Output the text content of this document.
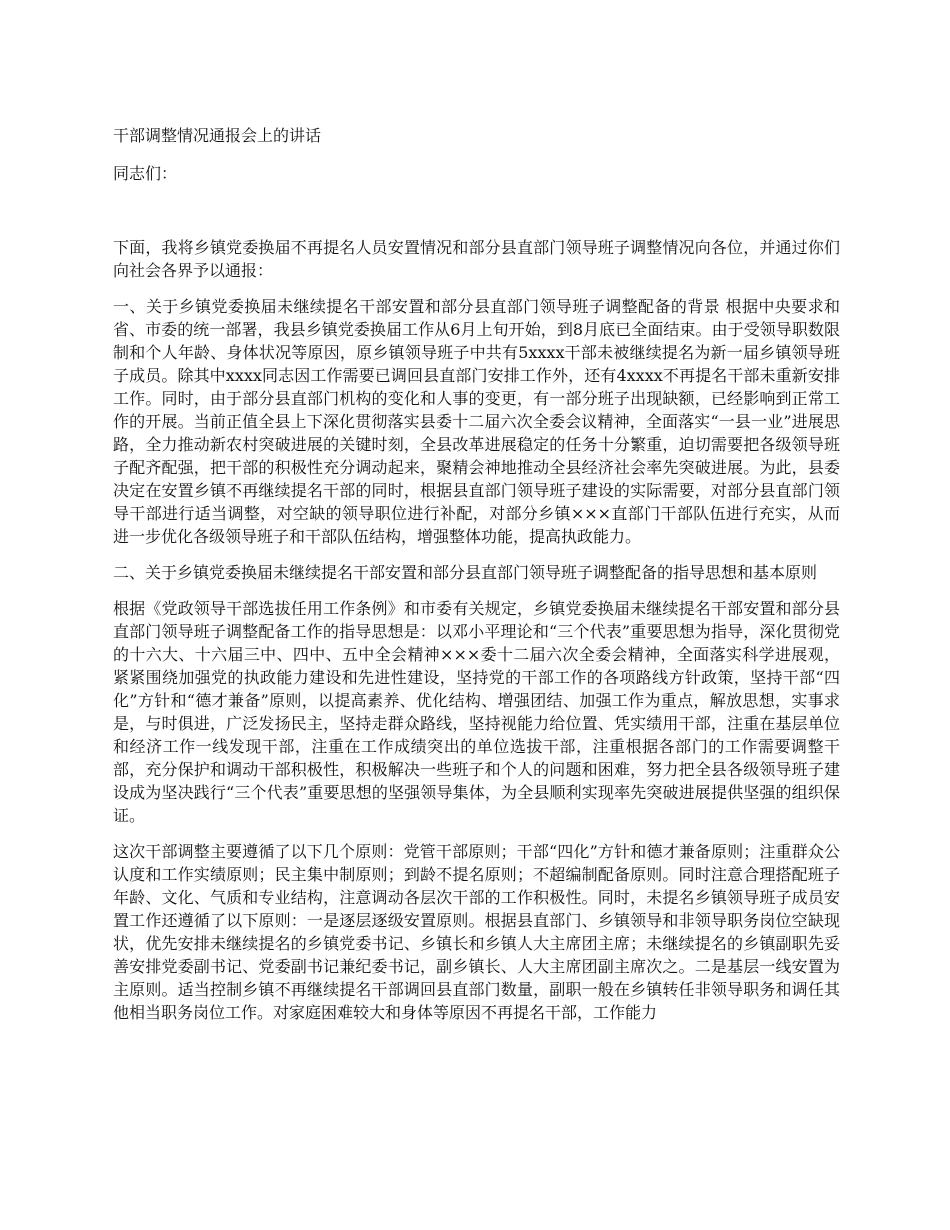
干部调整情况通报会上的讲话

同志们：

下面，我将乡镇党委换届不再提名人员安置情况和部分县直部门领导班子调整情况向各位，并通过你们向社会各界予以通报：

一、关于乡镇党委换届未继续提名干部安置和部分县直部门领导班子调整配备的背景 根据中央要求和省、市委的统一部署，我县乡镇党委换届工作从6月上旬开始，到8月底已全面结束。由于受领导职数限制和个人年龄、身体状况等原因，原乡镇领导班子中共有5xxxx干部未被继续提名为新一届乡镇领导班子成员。除其中xxxx同志因工作需要已调回县直部门安排工作外，还有4xxxx不再提名干部未重新安排工作。同时，由于部分县直部门机构的变化和人事的变更，有一部分班子出现缺额，已经影响到正常工作的开展。当前正值全县上下深化贯彻落实县委十二届六次全委会议精神，全面落实“一县一业”进展思路，全力推动新农村突破进展的关键时刻，全县改革进展稳定的任务十分繁重，迫切需要把各级领导班子配齐配强，把干部的积极性充分调动起来，聚精会神地推动全县经济社会率先突破进展。为此，县委决定在安置乡镇不再继续提名干部的同时，根据县直部门领导班子建设的实际需要，对部分县直部门领导干部进行适当调整，对空缺的领导职位进行补配，对部分乡镇×××直部门干部队伍进行充实，从而进一步优化各级领导班子和干部队伍结构，增强整体功能，提高执政能力。

二、关于乡镇党委换届未继续提名干部安置和部分县直部门领导班子调整配备的指导思想和基本原则

根据《党政领导干部选拔任用工作条例》和市委有关规定，乡镇党委换届未继续提名干部安置和部分县直部门领导班子调整配备工作的指导思想是：以邓小平理论和“三个代表”重要思想为指导，深化贯彻党的十六大、十六届三中、四中、五中全会精神×××委十二届六次全委会精神，全面落实科学进展观，紧紧围绕加强党的执政能力建设和先进性建设，坚持党的干部工作的各项路线方针政策，坚持干部“四化”方针和“德才兼备”原则，以提高素养、优化结构、增强团结、加强工作为重点，解放思想，实事求是，与时俱进，广泛发扬民主，坚持走群众路线，坚持视能力给位置、凭实绩用干部，注重在基层单位和经济工作一线发现干部，注重在工作成绩突出的单位选拔干部，注重根据各部门的工作需要调整干部，充分保护和调动干部积极性，积极解决一些班子和个人的问题和困难，努力把全县各级领导班子建设成为坚决践行“三个代表”重要思想的坚强领导集体，为全县顺利实现率先突破进展提供坚强的组织保证。

这次干部调整主要遵循了以下几个原则：党管干部原则；干部“四化”方针和德才兼备原则；注重群众公认度和工作实绩原则；民主集中制原则；到龄不提名原则；不超编制配备原则。同时注意合理搭配班子年龄、文化、气质和专业结构，注意调动各层次干部的工作积极性。同时，未提名乡镇领导班子成员安置工作还遵循了以下原则：一是逐层逐级安置原则。根据县直部门、乡镇领导和非领导职务岗位空缺现状，优先安排未继续提名的乡镇党委书记、乡镇长和乡镇人大主席团主席；未继续提名的乡镇副职先妥善安排党委副书记、党委副书记兼纪委书记，副乡镇长、人大主席团副主席次之。二是基层一线安置为主原则。适当控制乡镇不再继续提名干部调回县直部门数量，副职一般在乡镇转任非领导职务和调任其他相当职务岗位工作。对家庭困难较大和身体等原因不再提名干部，工作能力
